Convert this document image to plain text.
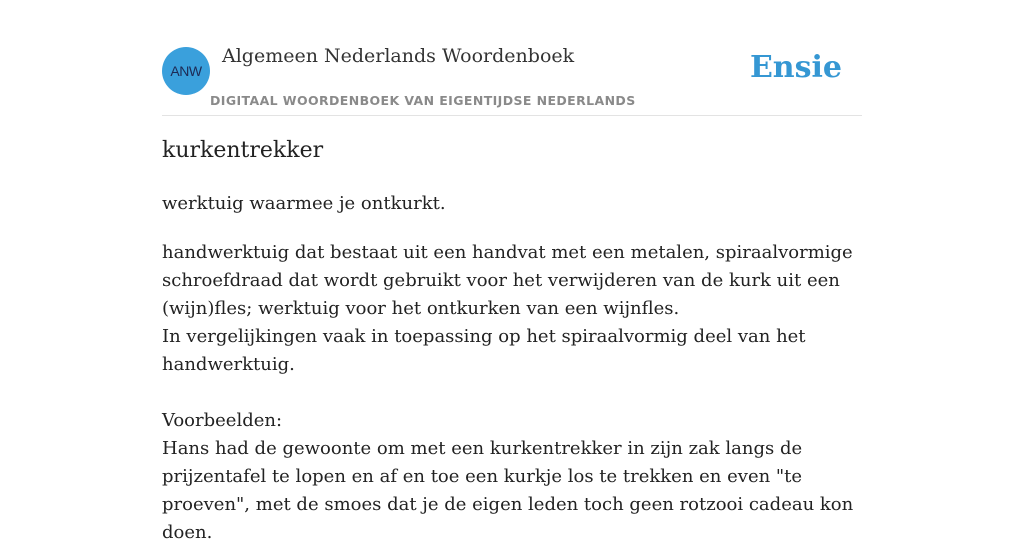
ANW
Algemeen Nederlands Woordenboek
DIGITAAL WOORDENBOEK VAN EIGENTIJDSE NEDERLANDS
Ensie
kurkentrekker

werktuig waarmee je ontkurkt.

handwerktuig dat bestaat uit een handvat met een metalen, spiraalvormige schroefdraad dat wordt gebruikt voor het verwijderen van de kurk uit een (wijn)fles; werktuig voor het ontkurken van een wijnfles.

In vergelijkingen vaak in toepassing op het spiraalvormig deel van het handwerktuig.

Voorbeelden:

Hans had de gewoonte om met een kurkentrekker in zijn zak langs de prijzentafel te lopen en af en toe een kurkje los te trekken en even "te proeven", met de smoes dat je de eigen leden toch geen rotzooi cadeau kon doen.
